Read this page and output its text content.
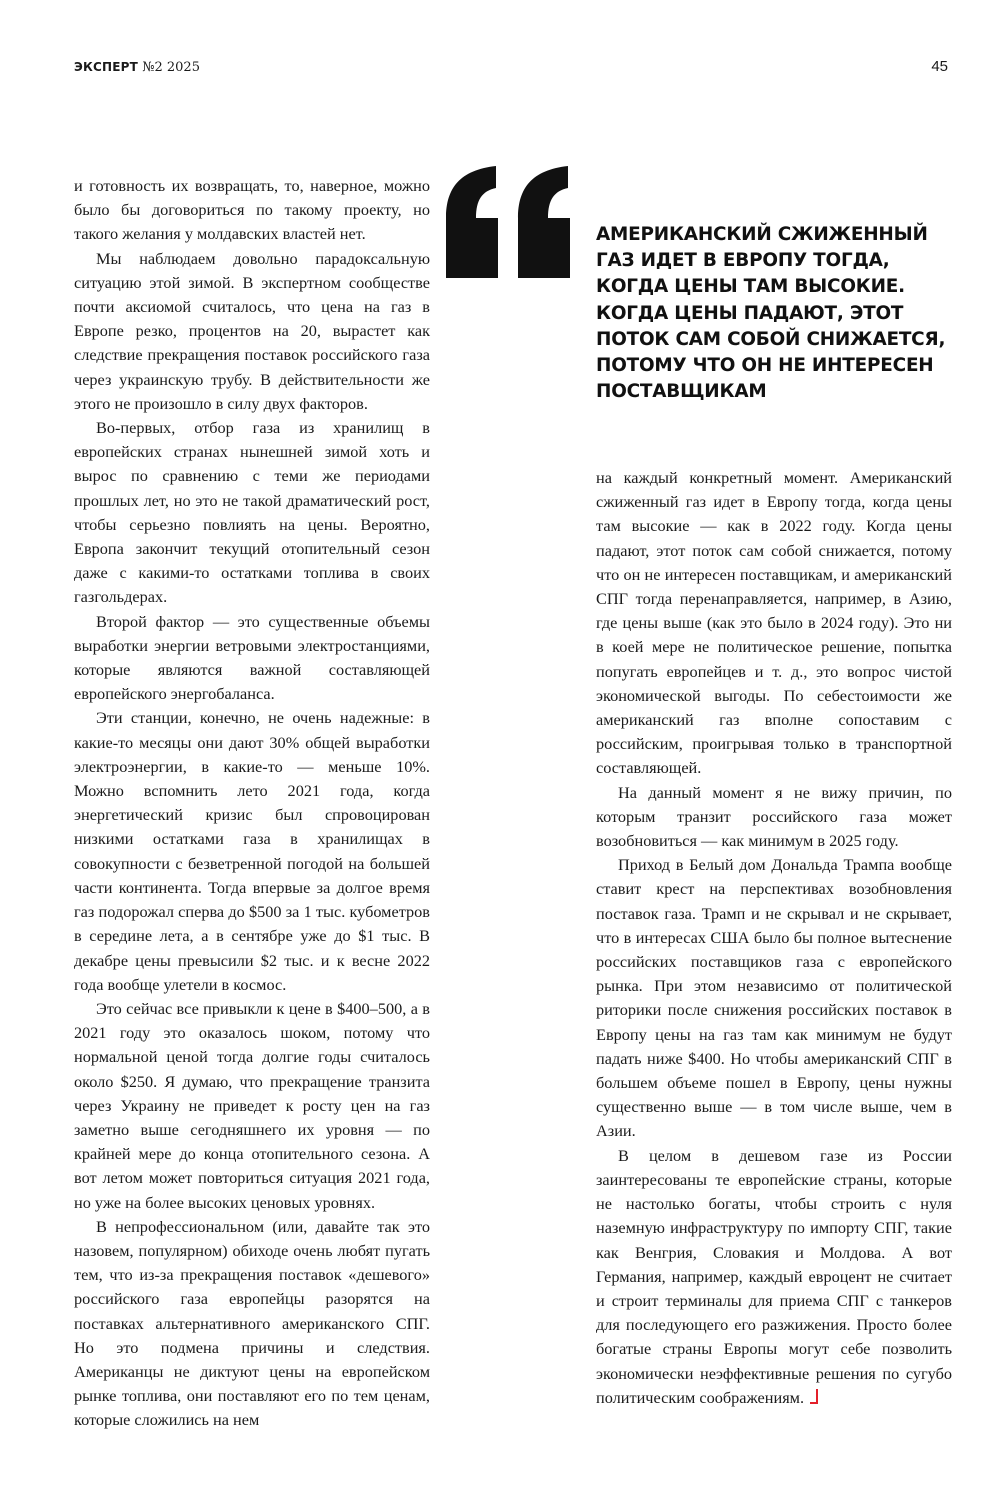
ЭКСПЕРТ №2 2025	45

и готовность их возвращать, то, наверное, можно было бы договориться по такому проекту, но такого желания у молдавских властей нет.

Мы наблюдаем довольно парадоксальную ситуацию этой зимой. В экспертном сообществе почти аксиомой считалось, что цена на газ в Европе резко, процентов на 20, вырастет как следствие прекращения поставок российского газа через украинскую трубу. В действительности же этого не произошло в силу двух факторов.

Во-первых, отбор газа из хранилищ в европейских странах нынешней зимой хоть и вырос по сравнению с теми же периодами прошлых лет, но это не такой драматический рост, чтобы серьезно повлиять на цены. Вероятно, Европа закончит текущий отопительный сезон даже с какими-то остатками топлива в своих газгольдерах.

Второй фактор — это существенные объемы выработки энергии ветровыми электростанциями, которые являются важной составляющей европейского энергобаланса.

Эти станции, конечно, не очень надежные: в какие-то месяцы они дают 30% общей выработки электроэнергии, в какие-то — меньше 10%. Можно вспомнить лето 2021 года, когда энергетический кризис был спровоцирован низкими остатками газа в хранилищах в совокупности с безветренной погодой на большей части континента. Тогда впервые за долгое время газ подорожал сперва до $500 за 1 тыс. кубометров в середине лета, а в сентябре уже до $1 тыс. В декабре цены превысили $2 тыс. и к весне 2022 года вообще улетели в космос.

Это сейчас все привыкли к цене в $400–500, а в 2021 году это оказалось шоком, потому что нормальной ценой тогда долгие годы считалось около $250. Я думаю, что прекращение транзита через Украину не приведет к росту цен на газ заметно выше сегодняшнего их уровня — по крайней мере до конца отопительного сезона. А вот летом может повториться ситуация 2021 года, но уже на более высоких ценовых уровнях.

В непрофессиональном (или, давайте так это назовем, популярном) обиходе очень любят пугать тем, что из-за прекращения поставок «дешевого» российского газа европейцы разорятся на поставках альтернативного американского СПГ. Но это подмена причины и следствия. Американцы не диктуют цены на европейском рынке топлива, они поставляют его по тем ценам, которые сложились на нем

АМЕРИКАНСКИЙ СЖИЖЕННЫЙ ГАЗ ИДЕТ В ЕВРОПУ ТОГДА, КОГДА ЦЕНЫ ТАМ ВЫСОКИЕ. КОГДА ЦЕНЫ ПАДАЮТ, ЭТОТ ПОТОК САМ СОБОЙ СНИЖАЕТСЯ, ПОТОМУ ЧТО ОН НЕ ИНТЕРЕСЕН ПОСТАВЩИКАМ

на каждый конкретный момент. Американский сжиженный газ идет в Европу тогда, когда цены там высокие — как в 2022 году. Когда цены падают, этот поток сам собой снижается, потому что он не интересен поставщикам, и американский СПГ тогда перенаправляется, например, в Азию, где цены выше (как это было в 2024 году). Это ни в коей мере не политическое решение, попытка попугать европейцев и т. д., это вопрос чистой экономической выгоды. По себестоимости же американский газ вполне сопоставим с российским, проигрывая только в транспортной составляющей.

На данный момент я не вижу причин, по которым транзит российского газа может возобновиться — как минимум в 2025 году.

Приход в Белый дом Дональда Трампа вообще ставит крест на перспективах возобновления поставок газа. Трамп и не скрывал и не скрывает, что в интересах США было бы полное вытеснение российских поставщиков газа с европейского рынка. При этом независимо от политической риторики после снижения российских поставок в Европу цены на газ там как минимум не будут падать ниже $400. Но чтобы американский СПГ в большем объеме пошел в Европу, цены нужны существенно выше — в том числе выше, чем в Азии.

В целом в дешевом газе из России заинтересованы те европейские страны, которые не настолько богаты, чтобы строить с нуля наземную инфраструктуру по импорту СПГ, такие как Венгрия, Словакия и Молдова. А вот Германия, например, каждый евроцент не считает и строит терминалы для приема СПГ с танкеров для последующего его разжижения. Просто более богатые страны Европы могут себе позволить экономически неэффективные решения по сугубо политическим соображениям.
